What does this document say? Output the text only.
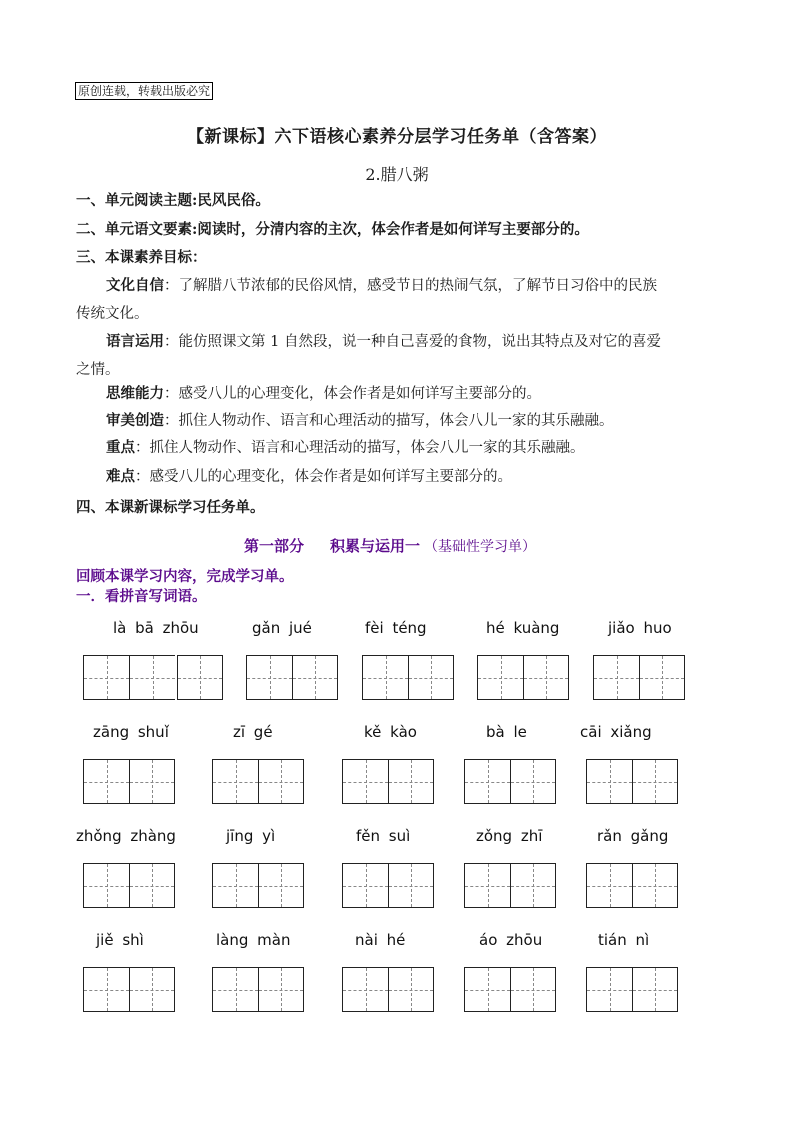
原创连载，转载出版必究
【新课标】六下语核心素养分层学习任务单（含答案）
2.腊八粥
一、单元阅读主题:民风民俗。
二、单元语文要素:阅读时，分清内容的主次，体会作者是如何详写主要部分的。
三、本课素养目标：
文化自信：了解腊八节浓郁的民俗风情，感受节日的热闹气氛，了解节日习俗中的民族
传统文化。
语言运用：能仿照课文第 1 自然段，说一种自己喜爱的食物，说出其特点及对它的喜爱
之情。
思维能力：感受八儿的心理变化，体会作者是如何详写主要部分的。
审美创造：抓住人物动作、语言和心理活动的描写，体会八儿一家的其乐融融。
重点：抓住人物动作、语言和心理活动的描写，体会八儿一家的其乐融融。
难点：感受八儿的心理变化，体会作者是如何详写主要部分的。
四、本课新课标学习任务单。
第一部分 积累与运用一 （基础性学习单）
回顾本课学习内容，完成学习单。
一．看拼音写词语。
là bā zhōu	gǎn jué	fèi téng	hé kuàng	jiǎo huo
zāng shuǐ	zī gé	kě kào	bà le	cāi xiǎng
zhǒng zhàng	jīng yì	fěn suì	zǒng zhī	rǎn gǎng
jiě shì	làng màn	nài hé	áo zhōu	tián nì
